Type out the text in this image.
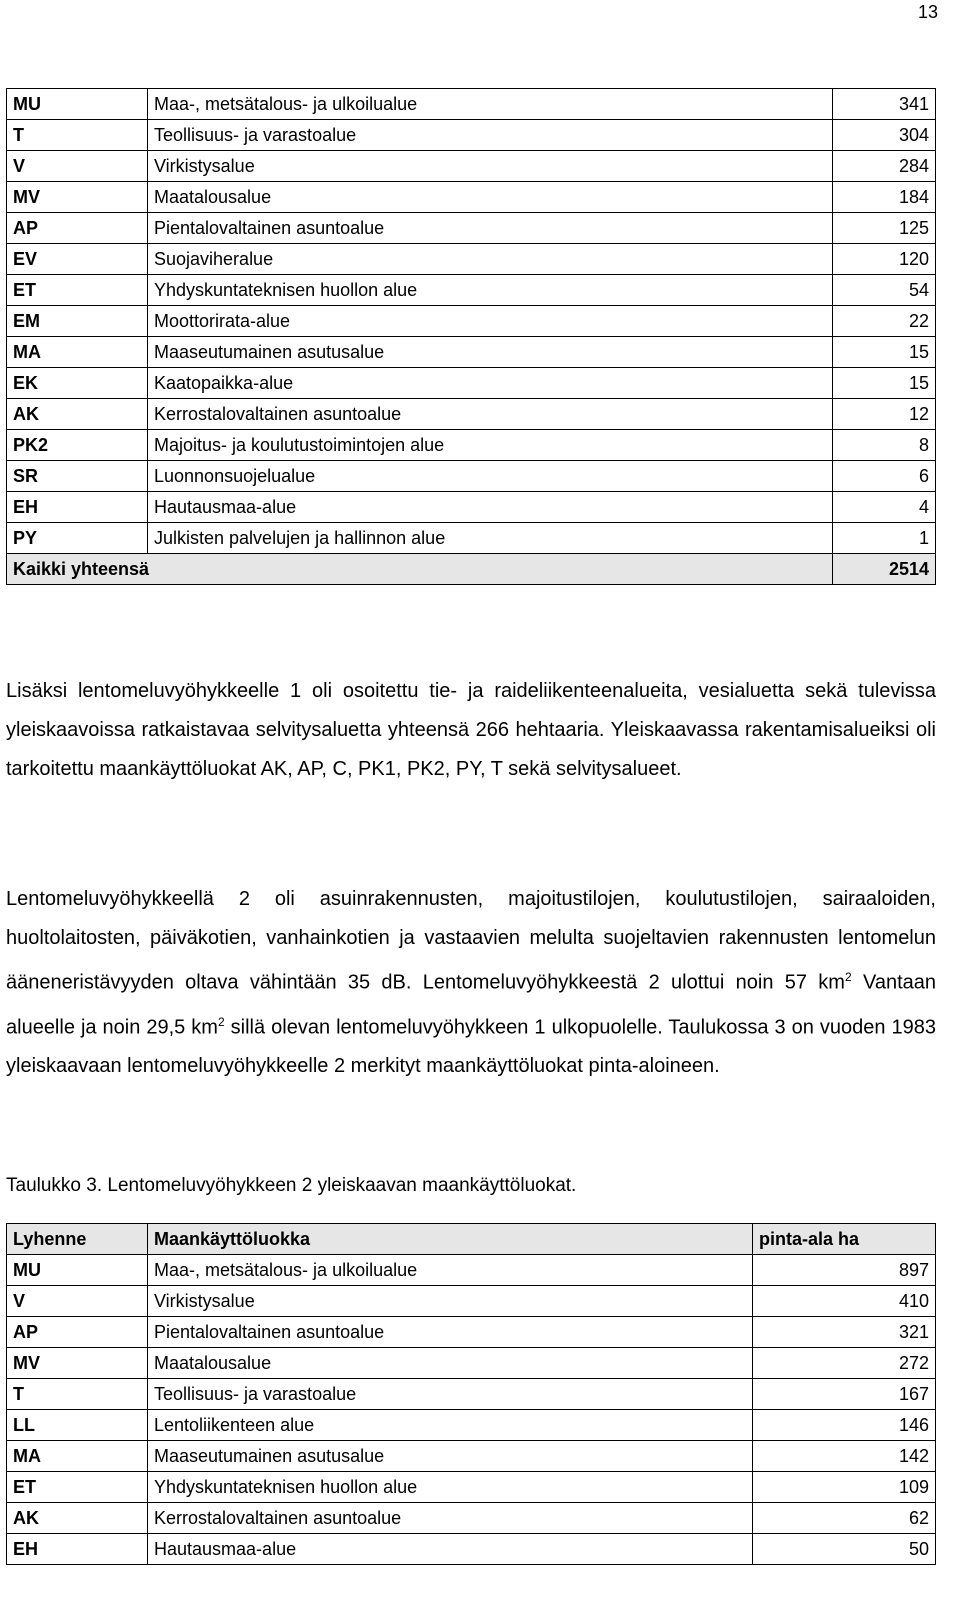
13
MU	Maa-, metsätalous- ja ulkoilualue	341
T	Teollisuus- ja varastoalue	304
V	Virkistysalue	284
MV	Maatalousalue	184
AP	Pientalovaltainen asuntoalue	125
EV	Suojaviheralue	120
ET	Yhdyskuntateknisen huollon alue	54
EM	Moottorirata-alue	22
MA	Maaseutumainen asutusalue	15
EK	Kaatopaikka-alue	15
AK	Kerrostalovaltainen asuntoalue	12
PK2	Majoitus- ja koulutustoimintojen alue	8
SR	Luonnonsuojelualue	6
EH	Hautausmaa-alue	4
PY	Julkisten palvelujen ja hallinnon alue	1
Kaikki yhteensä		2514
Lisäksi lentomeluvyöhykkeelle 1 oli osoitettu tie- ja raideliikenteenalueita, vesialuetta sekä tulevissa yleiskaavoissa ratkaistavaa selvitysaluetta yhteensä 266 hehtaaria. Yleiskaavassa rakentamisalueiksi oli tarkoitettu maankäyttöluokat AK, AP, C, PK1, PK2, PY, T sekä selvitysalueet.
Lentomeluvyöhykkeellä 2 oli asuinrakennusten, majoitustilojen, koulutustilojen, sairaaloiden, huoltolaitosten, päiväkotien, vanhainkotien ja vastaavien melulta suojeltavien rakennusten lentomelun ääneneristävyyden oltava vähintään 35 dB. Lentomeluvyöhykkeestä 2 ulottui noin 57 $km^2$ Vantaan alueelle ja noin 29,5 $km^2$ sillä olevan lentomeluvyöhykkeen 1 ulkopuolelle. Taulukossa 3 on vuoden 1983 yleiskaavaan lentomeluvyöhykkeelle 2 merkityt maankäyttöluokat pinta-aloineen.
Taulukko 3. Lentomeluvyöhykkeen 2 yleiskaavan maankäyttöluokat.
Lyhenne	Maankäyttöluokka	pinta-ala ha
MU	Maa-, metsätalous- ja ulkoilualue	897
V	Virkistysalue	410
AP	Pientalovaltainen asuntoalue	321
MV	Maatalousalue	272
T	Teollisuus- ja varastoalue	167
LL	Lentoliikenteen alue	146
MA	Maaseutumainen asutusalue	142
ET	Yhdyskuntateknisen huollon alue	109
AK	Kerrostalovaltainen asuntoalue	62
EH	Hautausmaa-alue	50
